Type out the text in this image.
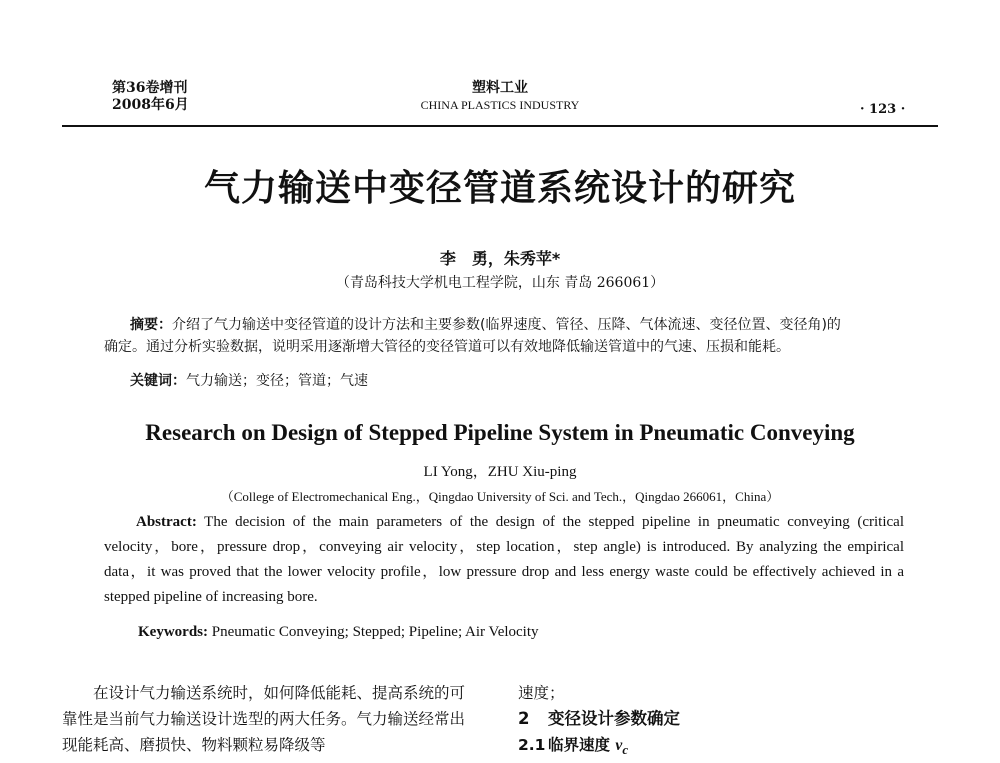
第36卷增刊
2008年6月
塑料工业
CHINA PLASTICS INDUSTRY	· 123 ·
气力输送中变径管道系统设计的研究
李　勇，朱秀苹*
（青岛科技大学机电工程学院，山东 青岛 266061）

摘要：介绍了气力输送中变径管道的设计方法和主要参数(临界速度、管径、压降、气体流速、变径位置、变径角)的

确定。通过分析实验数据，说明采用逐渐增大管径的变径管道可以有效地降低输送管道中的气速、压损和能耗。

关键词：气力输送；变径；管道；气速
Research on Design of Stepped Pipeline System in Pneumatic Conveying
LI Yong，ZHU Xiu-ping
（College of Electromechanical Eng.，Qingdao University of Sci. and Tech.，Qingdao 266061，China）

Abstract: The decision of the main parameters of the design of the stepped pipeline in pneumatic conveying (critical velocity，bore，pressure drop，conveying air velocity，step location，step angle) is introduced. By analyzing the empirical data，it was proved that the lower velocity profile，low pressure drop and less energy waste could be effectively achieved in a stepped pipeline of increasing bore.

Keywords: Pneumatic Conveying; Stepped; Pipeline; Air Velocity

在设计气力输送系统时，如何降低能耗、提高系统的可靠性是当前气力输送设计选型的两大任务。气力输送经常出现能耗高、磨损快、物料颗粒易降级等

速度；
2 变径设计参数确定
2.1 临界速度 $v_c$
